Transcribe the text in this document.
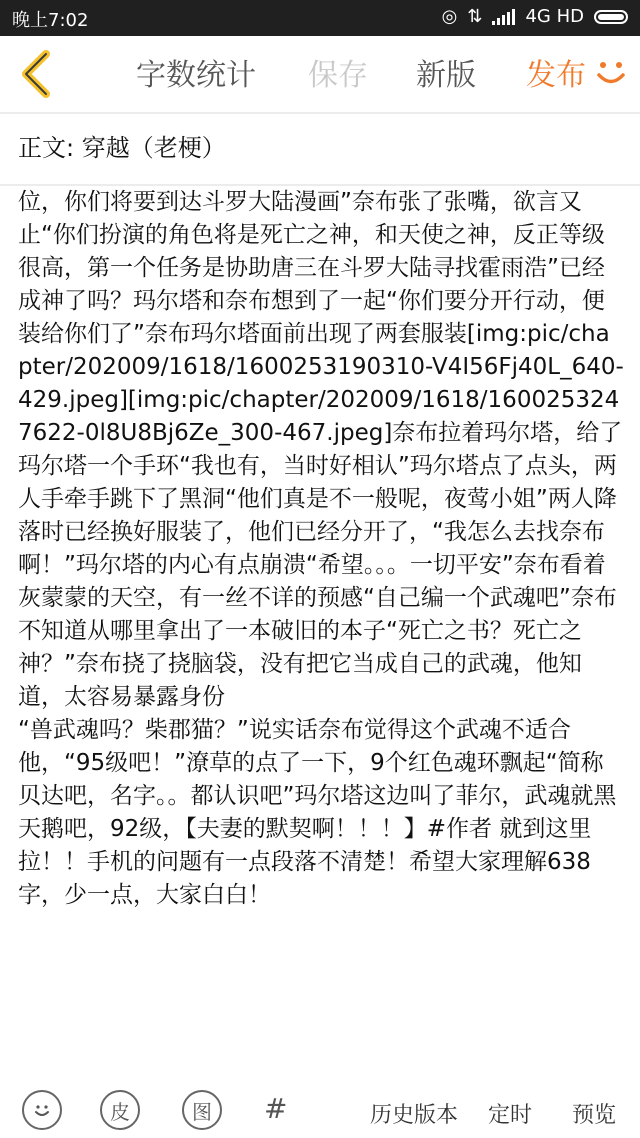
晚上7:02	◎ ⇅ 4G HD
字数统计 保存 新版 发布
正文: 穿越（老梗）
位，你们将要到达斗罗大陆漫画”奈布张了张嘴，欲言又止“你们扮演的角色将是死亡之神，和天使之神，反正等级很高，第一个任务是协助唐三在斗罗大陆寻找霍雨浩”已经成神了吗？玛尔塔和奈布想到了一起“你们要分开行动，便装给你们了”奈布玛尔塔面前出现了两套服装[img:pic/chapter/202009/1618/1600253190310-V4I56Fj40L_640-429.jpeg][img:pic/chapter/202009/1618/1600253247622-0l8U8Bj6Ze_300-467.jpeg]奈布拉着玛尔塔，给了玛尔塔一个手环“我也有，当时好相认”玛尔塔点了点头，两人手牵手跳下了黑洞“他们真是不一般呢，夜莺小姐”两人降落时已经换好服装了，他们已经分开了，“我怎么去找奈布啊！”玛尔塔的内心有点崩溃“希望。。。一切平安”奈布看着灰蒙蒙的天空，有一丝不详的预感“自己编一个武魂吧”奈布不知道从哪里拿出了一本破旧的本子“死亡之书？死亡之神？”奈布挠了挠脑袋，没有把它当成自己的武魂，他知道，太容易暴露身份
“兽武魂吗？柴郡猫？”说实话奈布觉得这个武魂不适合他，“95级吧！”潦草的点了一下，9个红色魂环飘起“简称贝达吧，名字。。都认识吧”玛尔塔这边叫了菲尔，武魂就黑天鹅吧，92级，【夫妻的默契啊！！！】#作者 就到这里拉！！手机的问题有一点段落不清楚！希望大家理解638字，少一点，大家白白！
皮	图 #	历史版本 定时 预览
